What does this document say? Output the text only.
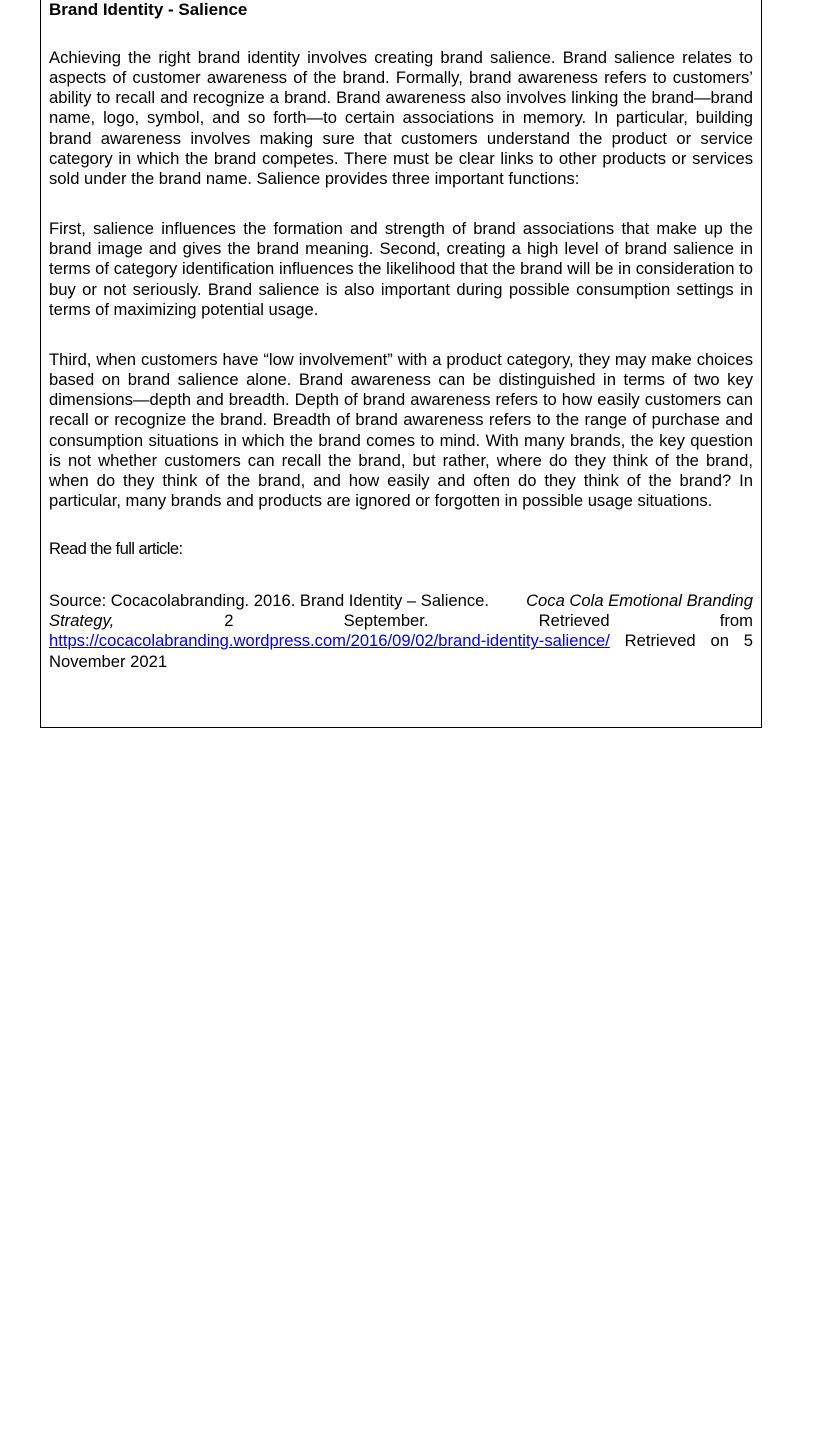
Brand Identity - Salience

Achieving the right brand identity involves creating brand salience. Brand salience relates to aspects of customer awareness of the brand. Formally, brand awareness refers to customers’ ability to recall and recognize a brand. Brand awareness also involves linking the brand—brand name, logo, symbol, and so forth—to certain associations in memory. In particular, building brand awareness involves making sure that customers understand the product or service category in which the brand competes. There must be clear links to other products or services sold under the brand name. Salience provides three important functions:

First, salience influences the formation and strength of brand associations that make up the brand image and gives the brand meaning. Second, creating a high level of brand salience in terms of category identification influences the likelihood that the brand will be in consideration to buy or not seriously. Brand salience is also important during possible consumption settings in terms of maximizing potential usage.

Third, when customers have “low involvement” with a product category, they may make choices based on brand salience alone. Brand awareness can be distinguished in terms of two key dimensions—depth and breadth. Depth of brand awareness refers to how easily customers can recall or recognize the brand. Breadth of brand awareness refers to the range of purchase and consumption situations in which the brand comes to mind. With many brands, the key question is not whether customers can recall the brand, but rather, where do they think of the brand, when do they think of the brand, and how easily and often do they think of the brand? In particular, many brands and products are ignored or forgotten in possible usage situations.

Read the full article:

Source: Cocacolabranding. 2016. Brand Identity – Salience. Coca Cola Emotional Branding
Strategy,	2	September.	Retrieved	from
https://cocacolabranding.wordpress.com/2016/09/02/brand-identity-salience/ Retrieved on 5 November 2021
